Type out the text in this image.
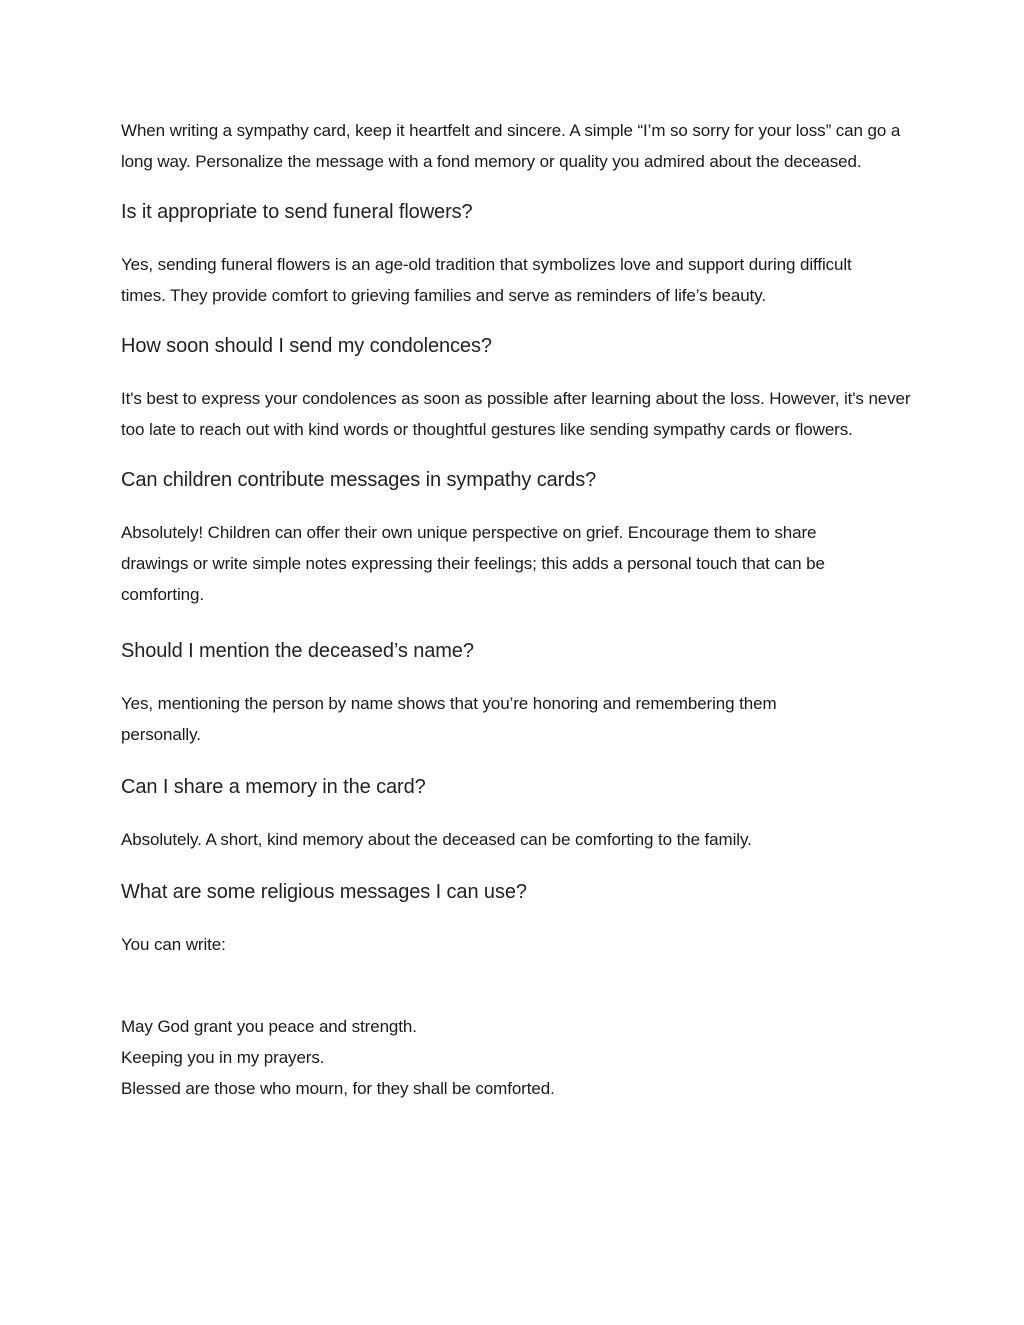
When writing a sympathy card, keep it heartfelt and sincere. A simple “I’m so sorry for your loss” can go a long way. Personalize the message with a fond memory or quality you admired about the deceased.

Is it appropriate to send funeral flowers?

Yes, sending funeral flowers is an age-old tradition that symbolizes love and support during difficult times. They provide comfort to grieving families and serve as reminders of life’s beauty.

How soon should I send my condolences?

It's best to express your condolences as soon as possible after learning about the loss. However, it's never too late to reach out with kind words or thoughtful gestures like sending sympathy cards or flowers.

Can children contribute messages in sympathy cards?

Absolutely! Children can offer their own unique perspective on grief. Encourage them to share drawings or write simple notes expressing their feelings; this adds a personal touch that can be comforting.

Should I mention the deceased’s name?

Yes, mentioning the person by name shows that you’re honoring and remembering them personally.

Can I share a memory in the card?

Absolutely. A short, kind memory about the deceased can be comforting to the family.

What are some religious messages I can use?

You can write:

May God grant you peace and strength.
Keeping you in my prayers.
Blessed are those who mourn, for they shall be comforted.
